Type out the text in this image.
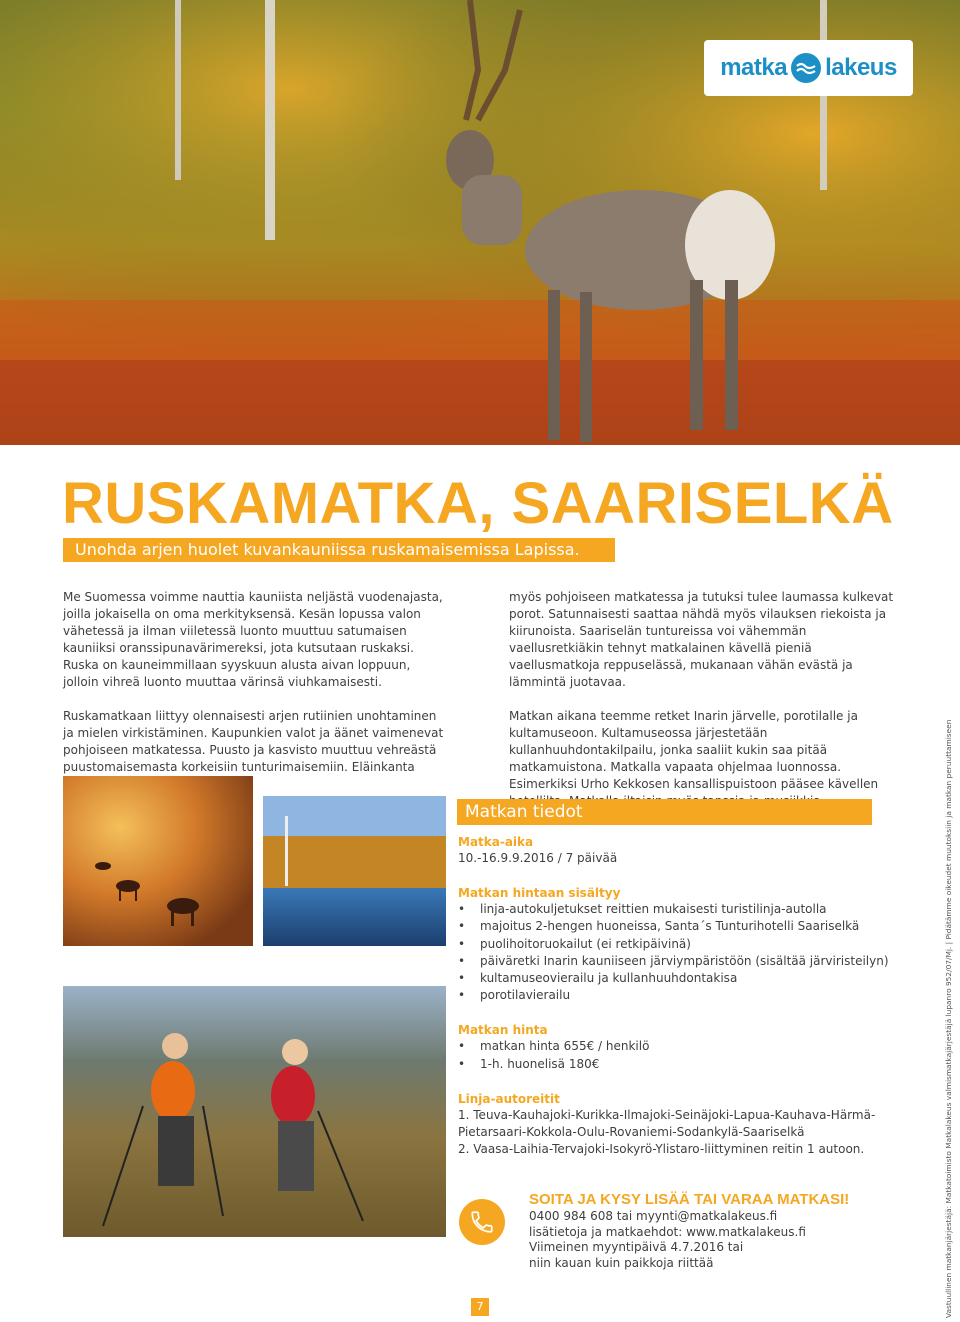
matka lakeus
RUSKAMATKA, SAARISELKÄ
Unohda arjen huolet kuvankauniissa ruskamaisemissa Lapissa.

Me Suomessa voimme nauttia kauniista neljästä vuodenajasta, joilla jokaisella on oma merkityksensä. Kesän lopussa valon vähetessä ja ilman viiletessä luonto muuttuu satumaisen kauniiksi oranssipunavärimereksi, jota kutsutaan ruskaksi. Ruska on kauneimmillaan syyskuun alusta aivan loppuun, jolloin vihreä luonto muuttaa värinsä viuhkamaisesti.

Ruskamatkaan liittyy olennaisesti arjen rutiinien unohtaminen ja mielen virkistäminen. Kaupunkien valot ja äänet vaimenevat pohjoiseen matkatessa. Puusto ja kasvisto muuttuu vehreästä puustomaisemasta korkeisiin tunturimaisemiin. Eläinkanta

myös pohjoiseen matkatessa ja tutuksi tulee laumassa kulkevat porot. Satunnaisesti saattaa nähdä myös vilauksen riekoista ja kiirunoista. Saariselän tuntureissa voi vähemmän vaellusretkiäkin tehnyt matkalainen kävellä pieniä vaellusmatkoja reppuselässä, mukanaan vähän evästä ja lämmintä juotavaa.

Matkan aikana teemme retket Inarin järvelle, porotilalle ja kultamuseoon. Kultamuseossa järjestetään kullanhuuhdontakilpailu, jonka saaliit kukin saa pitää matkamuistona. Matkalla vapaata ohjelmaa luonnossa. Esimerkiksi Urho Kekkosen kansallispuistoon pääsee kävellen

Matkan tiedot
Matka-aika

10.-16.9.9.2016 / 7 päivää

Matkan hintaan sisältyy
• linja-autokuljetukset reittien mukaisesti turistilinja-autolla
• majoitus 2-hengen huoneissa, Santa´s Tunturihotelli Saariselkä
• puolihoitoruokailut (ei retkipäivinä)
• päiväretki Inarin kauniiseen järviympäristöön (sisältää järviristeilyn)
• kultamuseovierailu ja kullanhuuhdontakisa
• porotilavierailu
Matkan hinta
• matkan hinta 655€ / henkilö
• 1-h. huonelisä 180€
Linja-autoreitit

1. Teuva-Kauhajoki-Kurikka-Ilmajoki-Seinäjoki-Lapua-Kauhava-Härmä-Pietarsaari-Kokkola-Oulu-Rovaniemi-Sodankylä-Saariselkä

2. Vaasa-Laihia-Tervajoki-Isokyrö-Ylistaro-liittyminen reitin 1 autoon.

SOITA JA KYSY LISÄÄ TAI VARAA MATKASI!

0400 984 608 tai myynti@matkalakeus.fi

lisätietoja ja matkaehdot: www.matkalakeus.fi

Viimeinen myyntipäivä 4.7.2016 tai

niin kauan kuin paikkoja riittää

7	Vastuullinen matkanjärjestäjä: Matkatoimisto Matkalakeus valmismatkajärjestäjä lupanro 952/07/Mj. | Pidätämme oikeudet muutoksiin ja matkan peruuttamiseen
